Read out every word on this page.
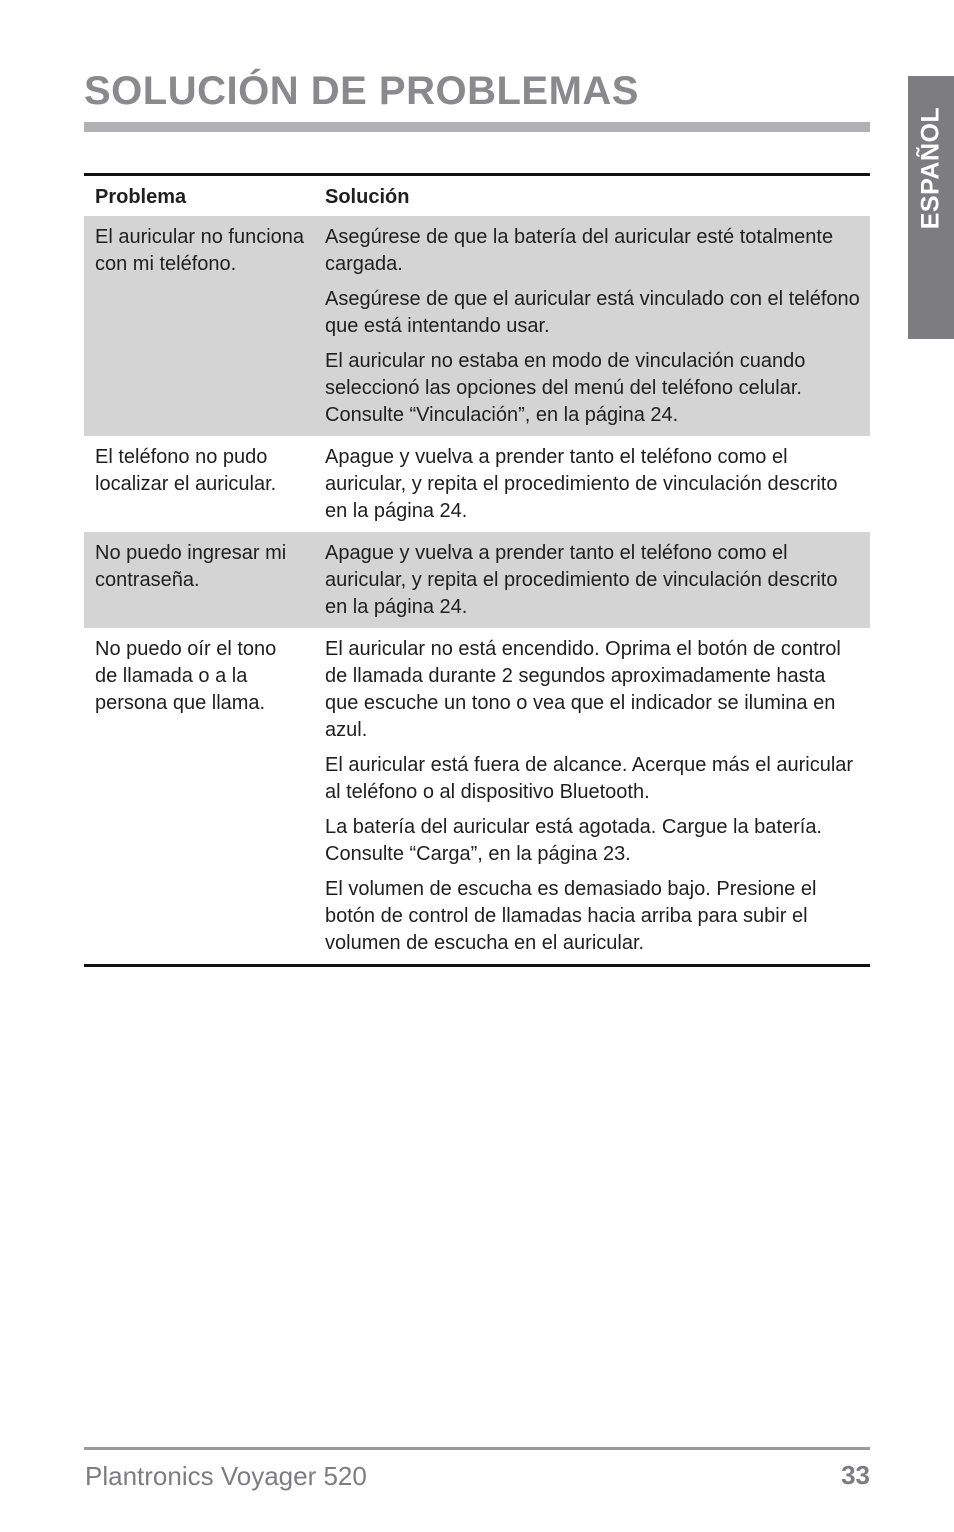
SOLUCIÓN DE PROBLEMAS
ESPAÑOL
Problema	Solución
El auricular no funciona con mi teléfono.	Asegúrese de que la batería del auricular esté totalmente cargada.

Asegúrese de que el auricular está vinculado con el teléfono que está intentando usar.

El auricular no estaba en modo de vinculación cuando seleccionó las opciones del menú del teléfono celular. Consulte “Vinculación”, en la página 24.

El teléfono no pudo localizar el auricular.	Apague y vuelva a prender tanto el teléfono como el auricular, y repita el procedimiento de vinculación descrito en la página 24.

No puedo ingresar mi contraseña.	Apague y vuelva a prender tanto el teléfono como el auricular, y repita el procedimiento de vinculación descrito en la página 24.

No puedo oír el tono de llamada o a la persona que llama.	El auricular no está encendido. Oprima el botón de control de llamada durante 2 segundos aproximadamente hasta que escuche un tono o vea que el indicador se ilumina en azul.

El auricular está fuera de alcance. Acerque más el auricular al teléfono o al dispositivo Bluetooth.

La batería del auricular está agotada. Cargue la batería. Consulte “Carga”, en la página 23.

El volumen de escucha es demasiado bajo. Presione el botón de control de llamadas hacia arriba para subir el volumen de escucha en el auricular.

Plantronics Voyager 520	33
